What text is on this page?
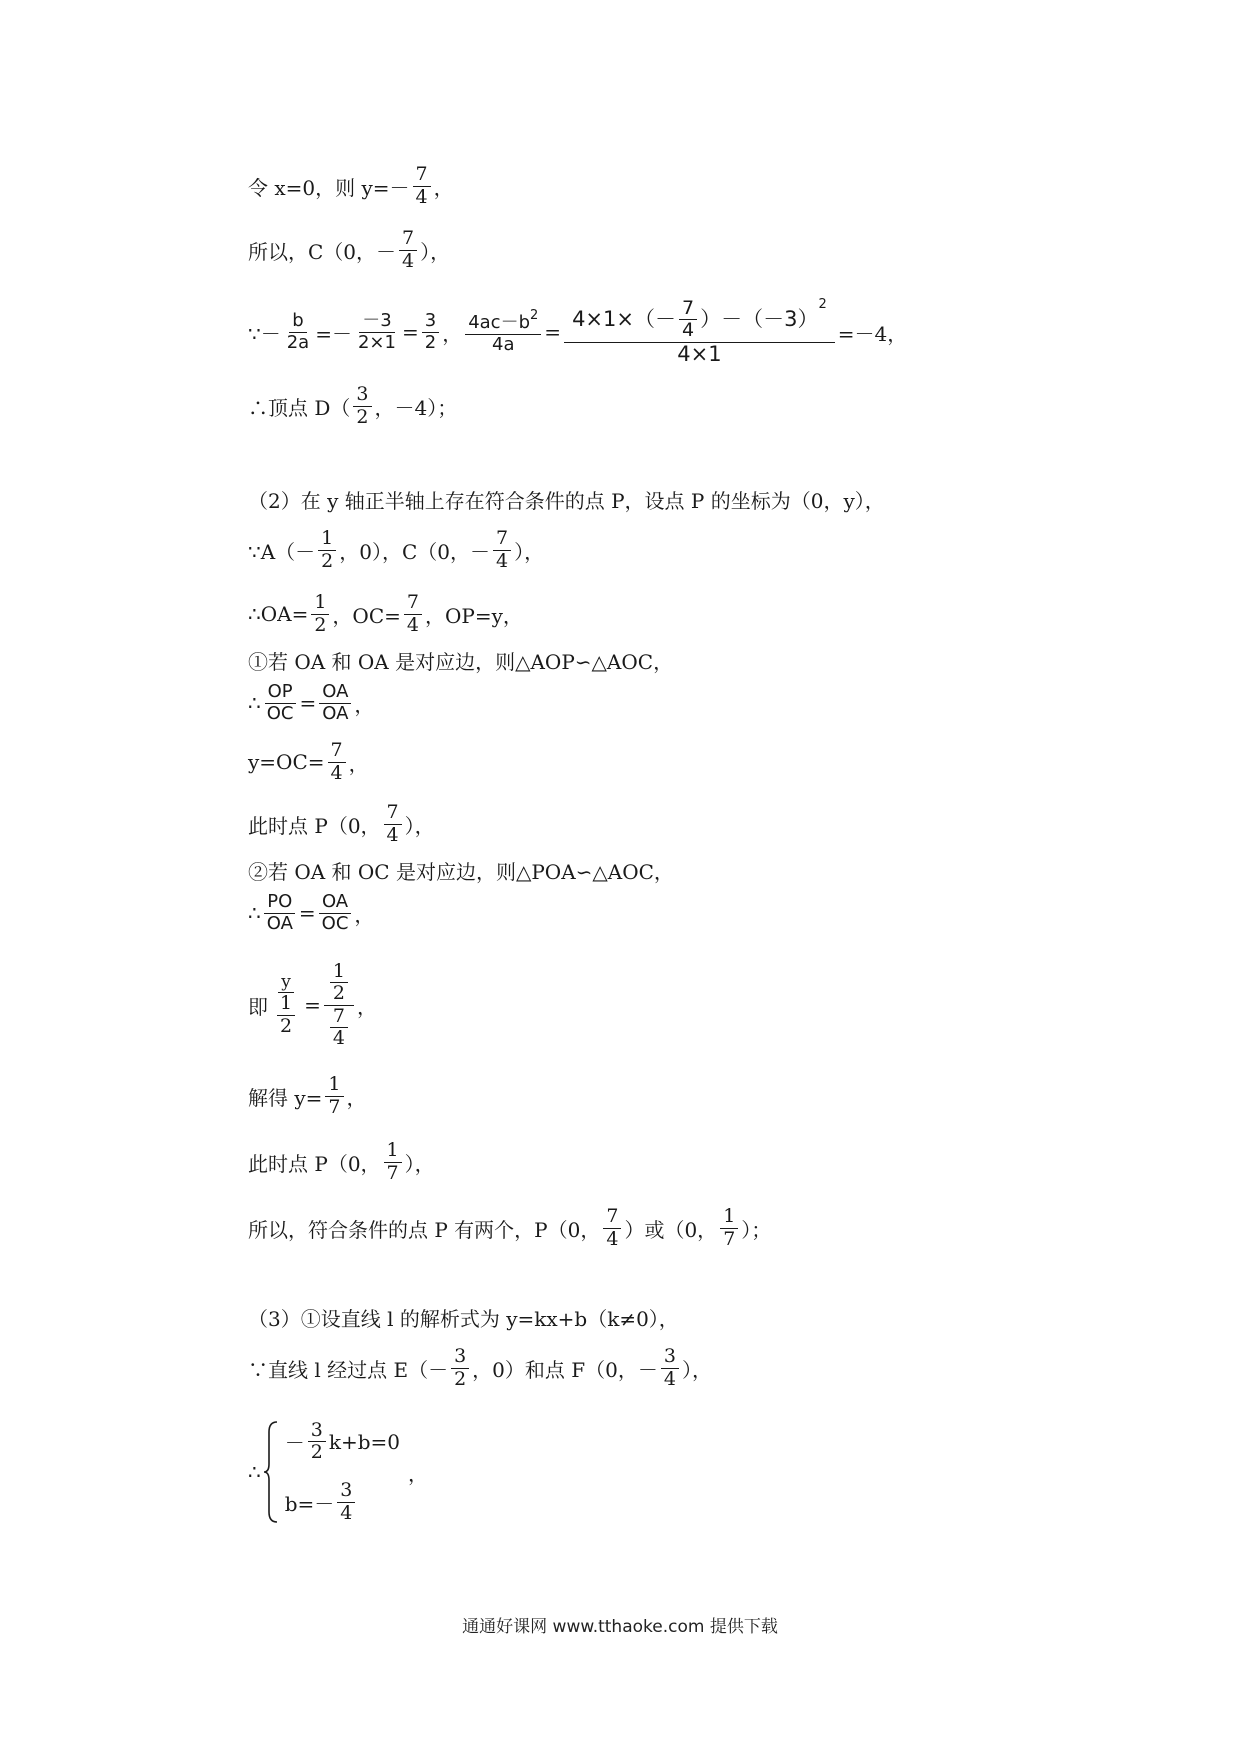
令 x=0，则 $y=- \frac{7}{4}$ ，
所以，C（0，－ $\frac{7}{4}$ ），
∵－ $\frac{b}{2a} =- \frac{-3}{2\times 1} = \frac{3}{2}$ ， $\frac{4ac-b^2}{4a} = 4\times 1\times(- \frac{7}{4} )-(-3)$
$^2$
4×1 =－4，
∴顶点 $D( \frac{3}{2}$ ，－4）；
（2）在 y 轴正半轴上存在符合条件的点 P，设点 P 的坐标为（0，y），
∵A（－ $\frac{1}{2}$ ，0），C（0，－ $\frac{7}{4}$ ），
∴OA= $\frac{1}{2}$ ，$OC= \frac{7}{4}$ ，OP=y，
①若 OA 和 OA 是对应边，则△AOP∽△AOC，
∴ $\frac{OP}{OC} = \frac{OA}{OA}$ ，
$y=OC= \frac{7}{4}$ ，
此时点 P（0， $\frac{7}{4}$ ），
②若 OA 和 OC 是对应边，则△POA∽△AOC，
∴ $\frac{PO}{OA} = \frac{OA}{OC}$ ，
即 $\frac{y}{\frac{1}{2}} = \frac{\frac{1}{2}}{\frac{7}{4}}$ ，
解得 $y= \frac{1}{7}$ ，
此时点 P（0， $\frac{1}{7}$ ），
所以，符合条件的点 P 有两个，P（0， $\frac{7}{4}$ ）或（0， $\frac{1}{7}$ ）；
（3）①设直线 l 的解析式为 y=kx+b（k≠0），
∵直线 l 经过点 $E(- \frac{3}{2}$ ，0）和点 F（0，－ $\frac{3}{4}$ ），
∴
－ $\frac{3}{2} k+b=0$
$b=- \frac{3}{4}$
，
通通好课网 www.tthaoke.com 提供下载
